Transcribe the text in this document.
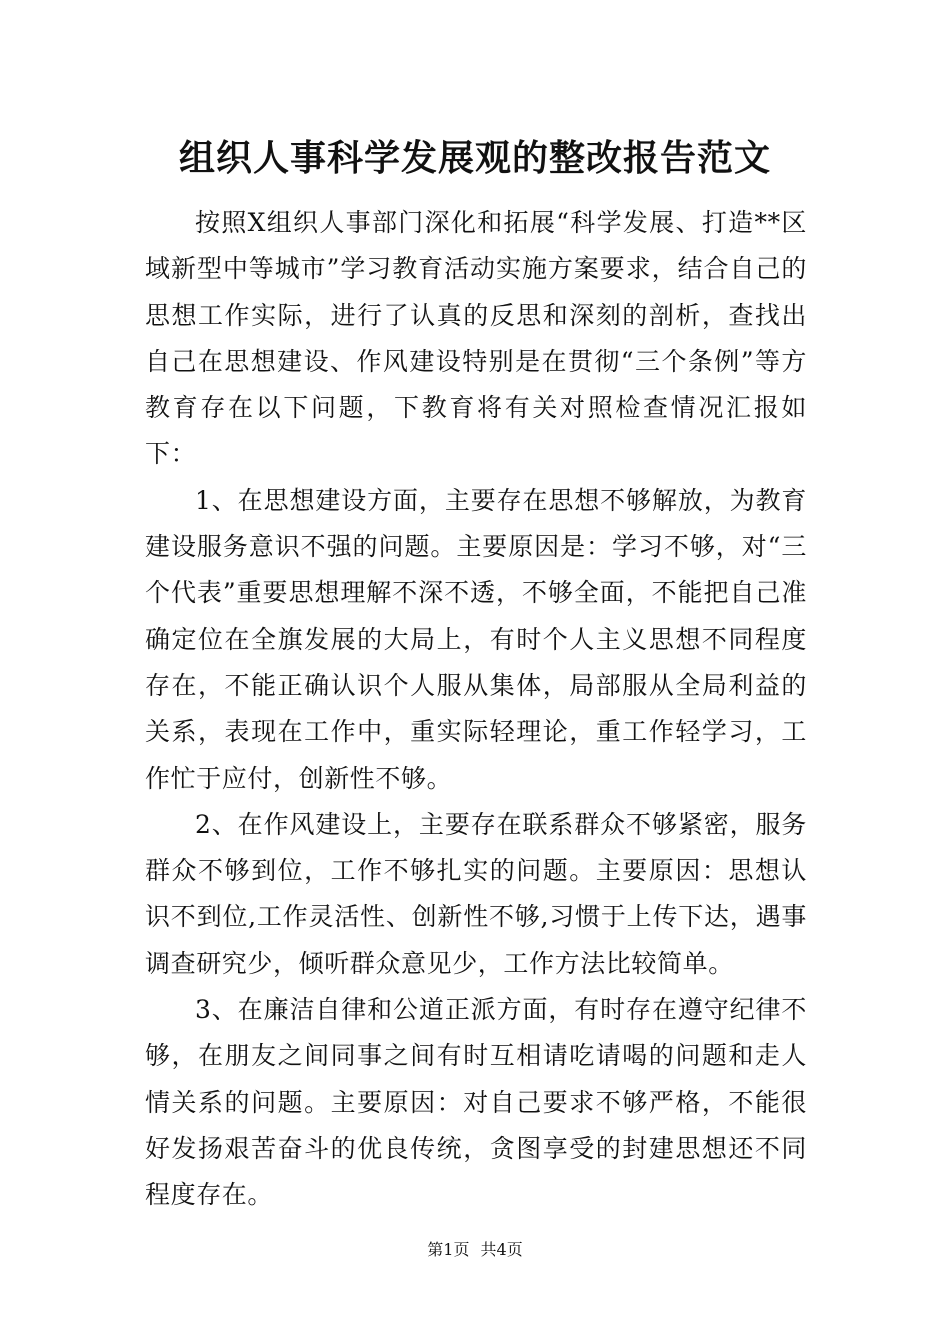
组织人事科学发展观的整改报告范文

按照X组织人事部门深化和拓展“科学发展、打造**区域新型中等城市”学习教育活动实施方案要求，结合自己的思想工作实际，进行了认真的反思和深刻的剖析，查找出自己在思想建设、作风建设特别是在贯彻“三个条例”等方教育存在以下问题，下教育将有关对照检查情况汇报如下：

1、在思想建设方面，主要存在思想不够解放，为教育建设服务意识不强的问题。主要原因是：学习不够，对“三个代表”重要思想理解不深不透，不够全面，不能把自己准确定位在全旗发展的大局上，有时个人主义思想不同程度存在，不能正确认识个人服从集体，局部服从全局利益的关系，表现在工作中，重实际轻理论，重工作轻学习，工作忙于应付，创新性不够。

2、在作风建设上，主要存在联系群众不够紧密，服务群众不够到位，工作不够扎实的问题。主要原因：思想认识不到位,工作灵活性、创新性不够,习惯于上传下达，遇事调查研究少，倾听群众意见少，工作方法比较简单。

3、在廉洁自律和公道正派方面，有时存在遵守纪律不够，在朋友之间同事之间有时互相请吃请喝的问题和走人情关系的问题。主要原因：对自己要求不够严格，不能很好发扬艰苦奋斗的优良传统，贪图享受的封建思想还不同程度存在。

第1页 共4页
